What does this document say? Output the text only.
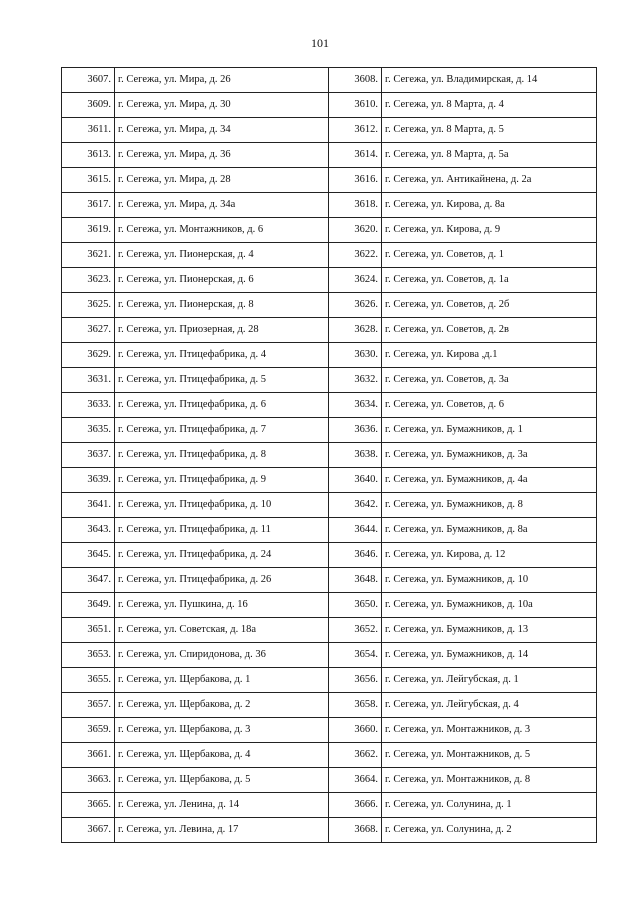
101
3607.	г. Сегежа, ул. Мира, д. 26	3608.	г. Сегежа, ул. Владимирская, д. 14
3609.	г. Сегежа, ул. Мира, д. 30	3610.	г. Сегежа, ул. 8 Марта, д. 4
3611.	г. Сегежа, ул. Мира, д. 34	3612.	г. Сегежа, ул. 8 Марта, д. 5
3613.	г. Сегежа, ул. Мира, д. 36	3614.	г. Сегежа, ул. 8 Марта, д. 5а
3615.	г. Сегежа, ул. Мира, д. 28	3616.	г. Сегежа, ул. Антикайнена, д. 2а
3617.	г. Сегежа, ул. Мира, д. 34а	3618.	г. Сегежа, ул. Кирова, д. 8а
3619.	г. Сегежа, ул. Монтажников, д. 6	3620.	г. Сегежа, ул. Кирова, д. 9
3621.	г. Сегежа, ул. Пионерская, д. 4	3622.	г. Сегежа, ул. Советов, д. 1
3623.	г. Сегежа, ул. Пионерская, д. 6	3624.	г. Сегежа, ул. Советов, д. 1а
3625.	г. Сегежа, ул. Пионерская, д. 8	3626.	г. Сегежа, ул. Советов, д. 2б
3627.	г. Сегежа, ул. Приозерная, д. 28	3628.	г. Сегежа, ул. Советов, д. 2в
3629.	г. Сегежа, ул. Птицефабрика, д. 4	3630.	г. Сегежа, ул. Кирова ,д.1
3631.	г. Сегежа, ул. Птицефабрика, д. 5	3632.	г. Сегежа, ул. Советов, д. 3а
3633.	г. Сегежа, ул. Птицефабрика, д. 6	3634.	г. Сегежа, ул. Советов, д. 6
3635.	г. Сегежа, ул. Птицефабрика, д. 7	3636.	г. Сегежа, ул. Бумажников, д. 1
3637.	г. Сегежа, ул. Птицефабрика, д. 8	3638.	г. Сегежа, ул. Бумажников, д. 3а
3639.	г. Сегежа, ул. Птицефабрика, д. 9	3640.	г. Сегежа, ул. Бумажников, д. 4а
3641.	г. Сегежа, ул. Птицефабрика, д. 10	3642.	г. Сегежа, ул. Бумажников, д. 8
3643.	г. Сегежа, ул. Птицефабрика, д. 11	3644.	г. Сегежа, ул. Бумажников, д. 8а
3645.	г. Сегежа, ул. Птицефабрика, д. 24	3646.	г. Сегежа, ул. Кирова, д. 12
3647.	г. Сегежа, ул. Птицефабрика, д. 26	3648.	г. Сегежа, ул. Бумажников, д. 10
3649.	г. Сегежа, ул. Пушкина, д. 16	3650.	г. Сегежа, ул. Бумажников, д. 10а
3651.	г. Сегежа, ул. Советская, д. 18а	3652.	г. Сегежа, ул. Бумажников, д. 13
3653.	г. Сегежа, ул. Спиридонова, д. 36	3654.	г. Сегежа, ул. Бумажников, д. 14
3655.	г. Сегежа, ул. Щербакова, д. 1	3656.	г. Сегежа, ул. Лейгубская, д. 1
3657.	г. Сегежа, ул. Щербакова, д. 2	3658.	г. Сегежа, ул. Лейгубская, д. 4
3659.	г. Сегежа, ул. Щербакова, д. 3	3660.	г. Сегежа, ул. Монтажников, д. 3
3661.	г. Сегежа, ул. Щербакова, д. 4	3662.	г. Сегежа, ул. Монтажников, д. 5
3663.	г. Сегежа, ул. Щербакова, д. 5	3664.	г. Сегежа, ул. Монтажников, д. 8
3665.	г. Сегежа, ул. Ленина, д. 14	3666.	г. Сегежа, ул. Солунина, д. 1
3667.	г. Сегежа, ул. Левина, д. 17	3668.	г. Сегежа, ул. Солунина, д. 2
